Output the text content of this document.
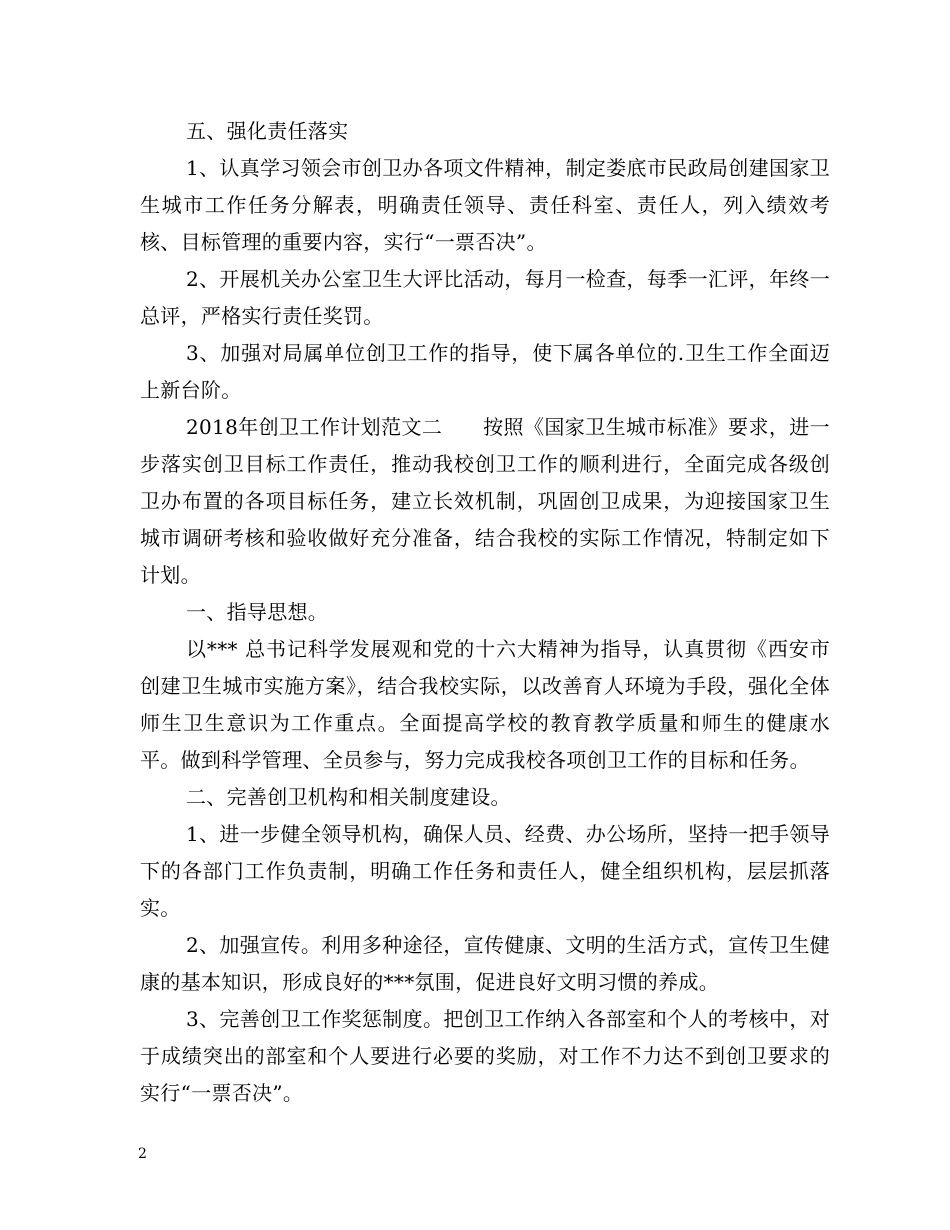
五、强化责任落实

1、认真学习领会市创卫办各项文件精神，制定娄底市民政局创建国家卫生城市工作任务分解表，明确责任领导、责任科室、责任人，列入绩效考核、目标管理的重要内容，实行“一票否决”。

2、开展机关办公室卫生大评比活动，每月一检查，每季一汇评，年终一总评，严格实行责任奖罚。

3、加强对局属单位创卫工作的指导，使下属各单位的.卫生工作全面迈上新台阶。

2018年创卫工作计划范文二　　按照《国家卫生城市标准》要求，进一步落实创卫目标工作责任，推动我校创卫工作的顺利进行，全面完成各级创卫办布置的各项目标任务，建立长效机制，巩固创卫成果，为迎接国家卫生城市调研考核和验收做好充分准备，结合我校的实际工作情况，特制定如下计划。

一、指导思想。

以*** 总书记科学发展观和党的十六大精神为指导，认真贯彻《西安市创建卫生城市实施方案》，结合我校实际，以改善育人环境为手段，强化全体师生卫生意识为工作重点。全面提高学校的教育教学质量和师生的健康水平。做到科学管理、全员参与，努力完成我校各项创卫工作的目标和任务。

二、完善创卫机构和相关制度建设。

1、进一步健全领导机构，确保人员、经费、办公场所，坚持一把手领导下的各部门工作负责制，明确工作任务和责任人，健全组织机构，层层抓落实。

2、加强宣传。利用多种途径，宣传健康、文明的生活方式，宣传卫生健康的基本知识，形成良好的***氛围，促进良好文明习惯的养成。

3、完善创卫工作奖惩制度。把创卫工作纳入各部室和个人的考核中，对于成绩突出的部室和个人要进行必要的奖励，对工作不力达不到创卫要求的实行“一票否决”。

2
